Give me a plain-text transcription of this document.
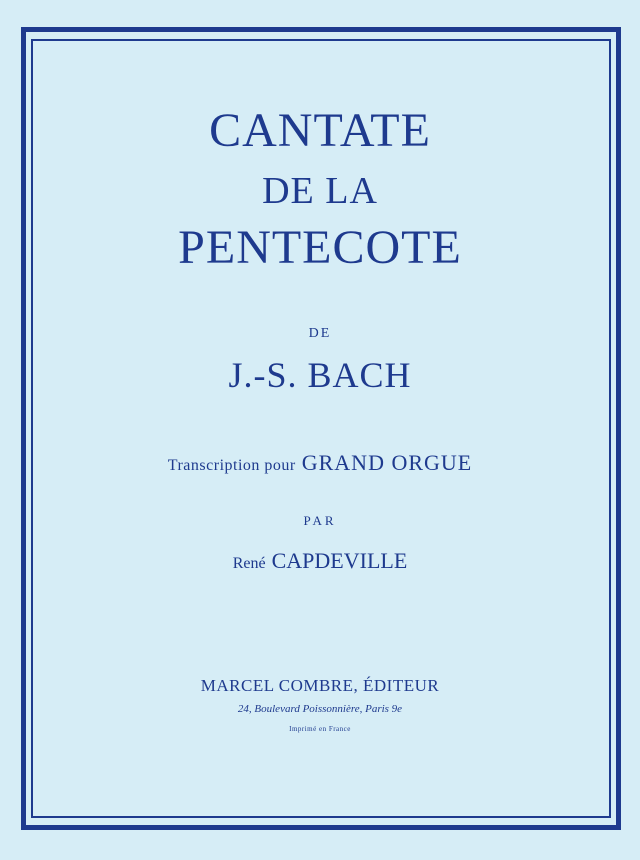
CANTATE
DE LA
PENTECOTE
DE
J.-S. BACH
Transcription pour GRAND ORGUE
PAR
René CAPDEVILLE
MARCEL COMBRE, ÉDITEUR
24, Boulevard Poissonnière, Paris 9e
Imprimé en France
